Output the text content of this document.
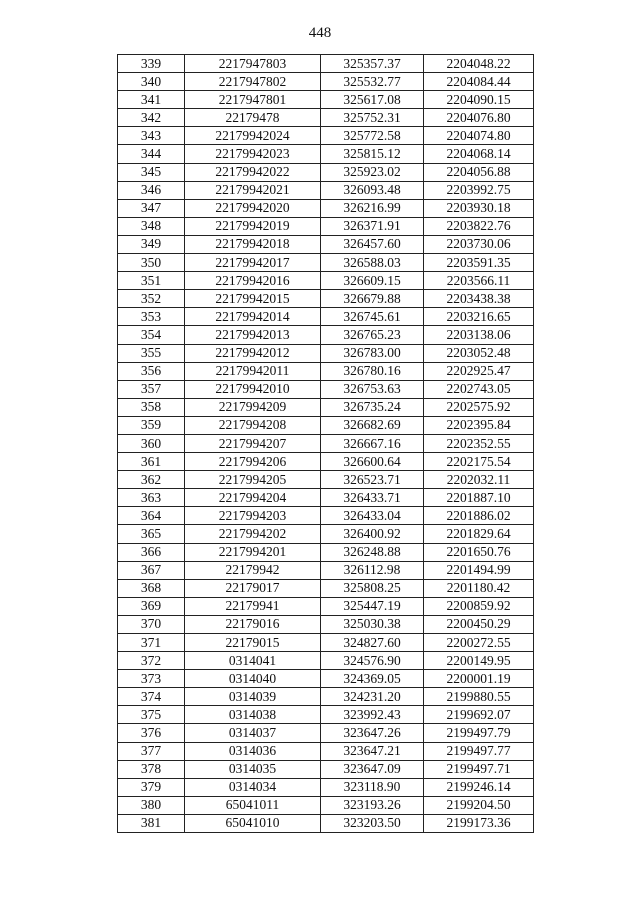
448
339	2217947803	325357.37	2204048.22
340	2217947802	325532.77	2204084.44
341	2217947801	325617.08	2204090.15
342	22179478	325752.31	2204076.80
343	22179942024	325772.58	2204074.80
344	22179942023	325815.12	2204068.14
345	22179942022	325923.02	2204056.88
346	22179942021	326093.48	2203992.75
347	22179942020	326216.99	2203930.18
348	22179942019	326371.91	2203822.76
349	22179942018	326457.60	2203730.06
350	22179942017	326588.03	2203591.35
351	22179942016	326609.15	2203566.11
352	22179942015	326679.88	2203438.38
353	22179942014	326745.61	2203216.65
354	22179942013	326765.23	2203138.06
355	22179942012	326783.00	2203052.48
356	22179942011	326780.16	2202925.47
357	22179942010	326753.63	2202743.05
358	2217994209	326735.24	2202575.92
359	2217994208	326682.69	2202395.84
360	2217994207	326667.16	2202352.55
361	2217994206	326600.64	2202175.54
362	2217994205	326523.71	2202032.11
363	2217994204	326433.71	2201887.10
364	2217994203	326433.04	2201886.02
365	2217994202	326400.92	2201829.64
366	2217994201	326248.88	2201650.76
367	22179942	326112.98	2201494.99
368	22179017	325808.25	2201180.42
369	22179941	325447.19	2200859.92
370	22179016	325030.38	2200450.29
371	22179015	324827.60	2200272.55
372	0314041	324576.90	2200149.95
373	0314040	324369.05	2200001.19
374	0314039	324231.20	2199880.55
375	0314038	323992.43	2199692.07
376	0314037	323647.26	2199497.79
377	0314036	323647.21	2199497.77
378	0314035	323647.09	2199497.71
379	0314034	323118.90	2199246.14
380	65041011	323193.26	2199204.50
381	65041010	323203.50	2199173.36
